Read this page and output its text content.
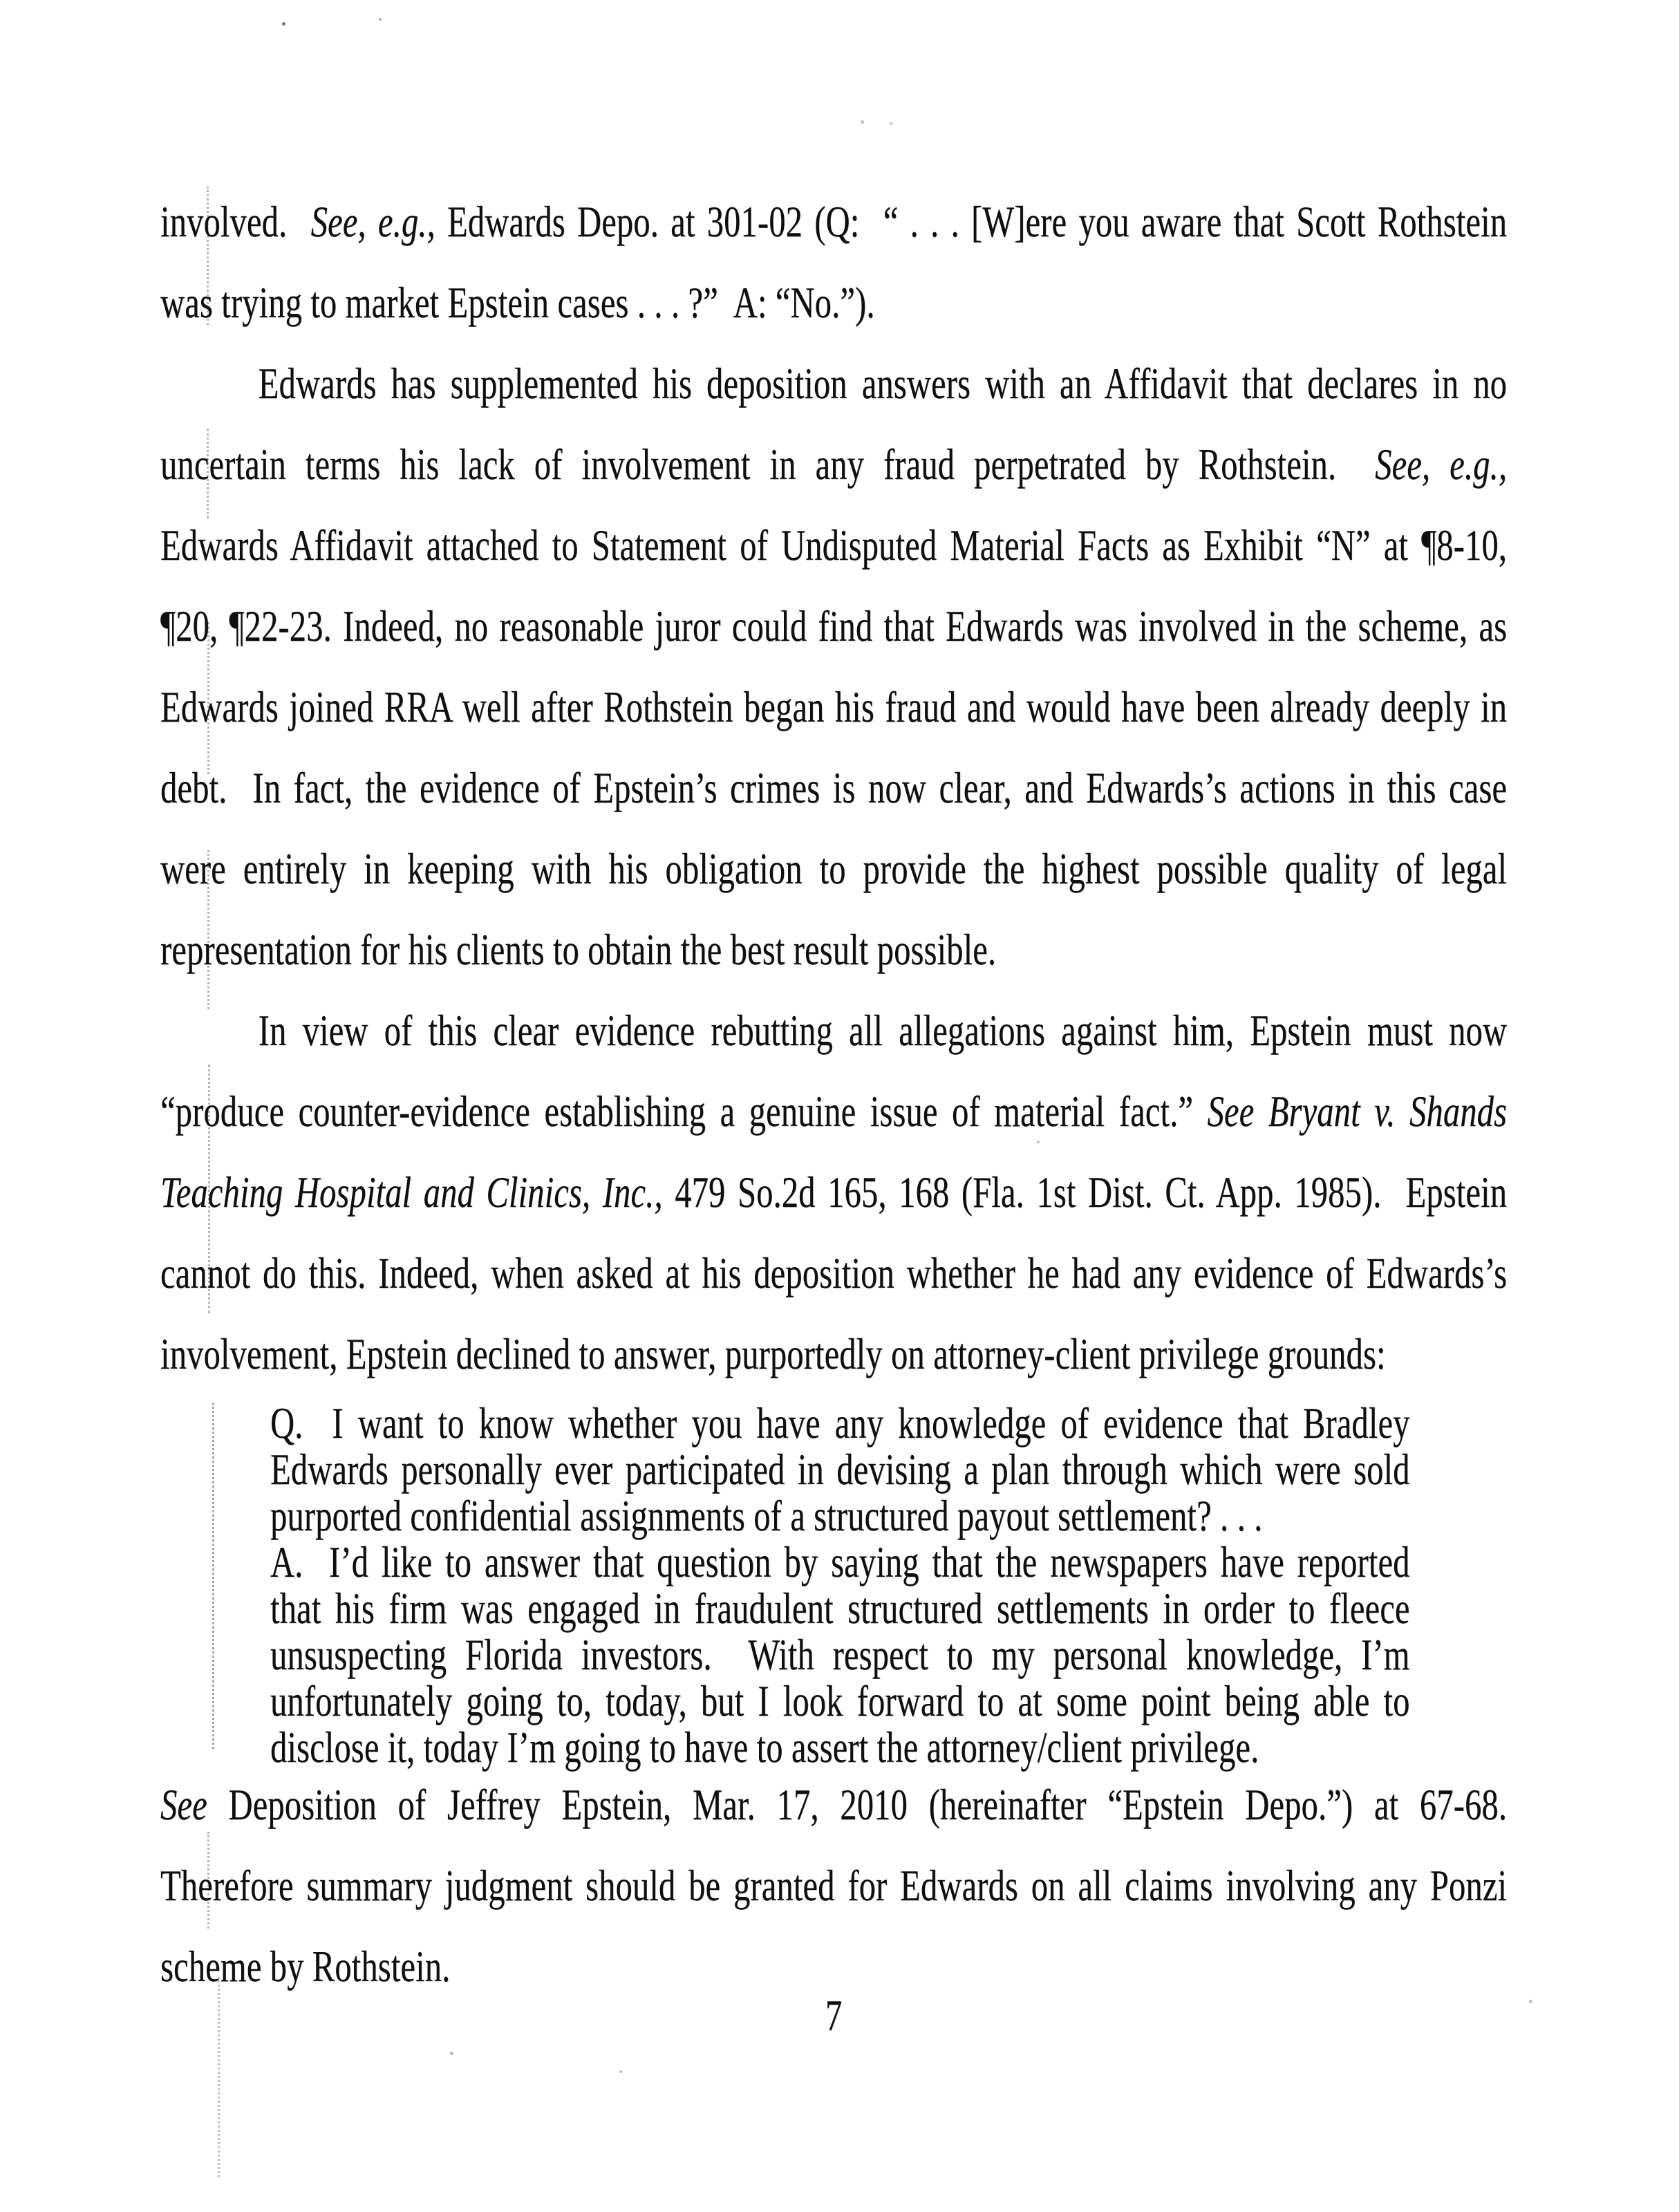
involved.  See, e.g., Edwards Depo. at 301-02 (Q:  “ . . . [W]ere you aware that Scott Rothstein
was trying to market Epstein cases . . . ?”  A: “No.”).
Edwards has supplemented his deposition answers with an Affidavit that declares in no
uncertain terms his lack of involvement in any fraud perpetrated by Rothstein.  See, e.g.,
Edwards Affidavit attached to Statement of Undisputed Material Facts as Exhibit “N” at ¶8-10,
¶20, ¶22-23. Indeed, no reasonable juror could find that Edwards was involved in the scheme, as
Edwards joined RRA well after Rothstein began his fraud and would have been already deeply in
debt.  In fact, the evidence of Epstein’s crimes is now clear, and Edwards’s actions in this case
were entirely in keeping with his obligation to provide the highest possible quality of legal
representation for his clients to obtain the best result possible.
In view of this clear evidence rebutting all allegations against him, Epstein must now
“produce counter-evidence establishing a genuine issue of material fact.” See Bryant v. Shands
Teaching Hospital and Clinics, Inc., 479 So.2d 165, 168 (Fla. 1st Dist. Ct. App. 1985).  Epstein
cannot do this. Indeed, when asked at his deposition whether he had any evidence of Edwards’s
involvement, Epstein declined to answer, purportedly on attorney-client privilege grounds:
Q.  I want to know whether you have any knowledge of evidence that Bradley
Edwards personally ever participated in devising a plan through which were sold
purported confidential assignments of a structured payout settlement? . . .
A.  I’d like to answer that question by saying that the newspapers have reported
that his firm was engaged in fraudulent structured settlements in order to fleece
unsuspecting Florida investors.  With respect to my personal knowledge, I’m
unfortunately going to, today, but I look forward to at some point being able to
disclose it, today I’m going to have to assert the attorney/client privilege.
See Deposition of Jeffrey Epstein, Mar. 17, 2010 (hereinafter “Epstein Depo.”) at 67-68.
Therefore summary judgment should be granted for Edwards on all claims involving any Ponzi
scheme by Rothstein.
7
